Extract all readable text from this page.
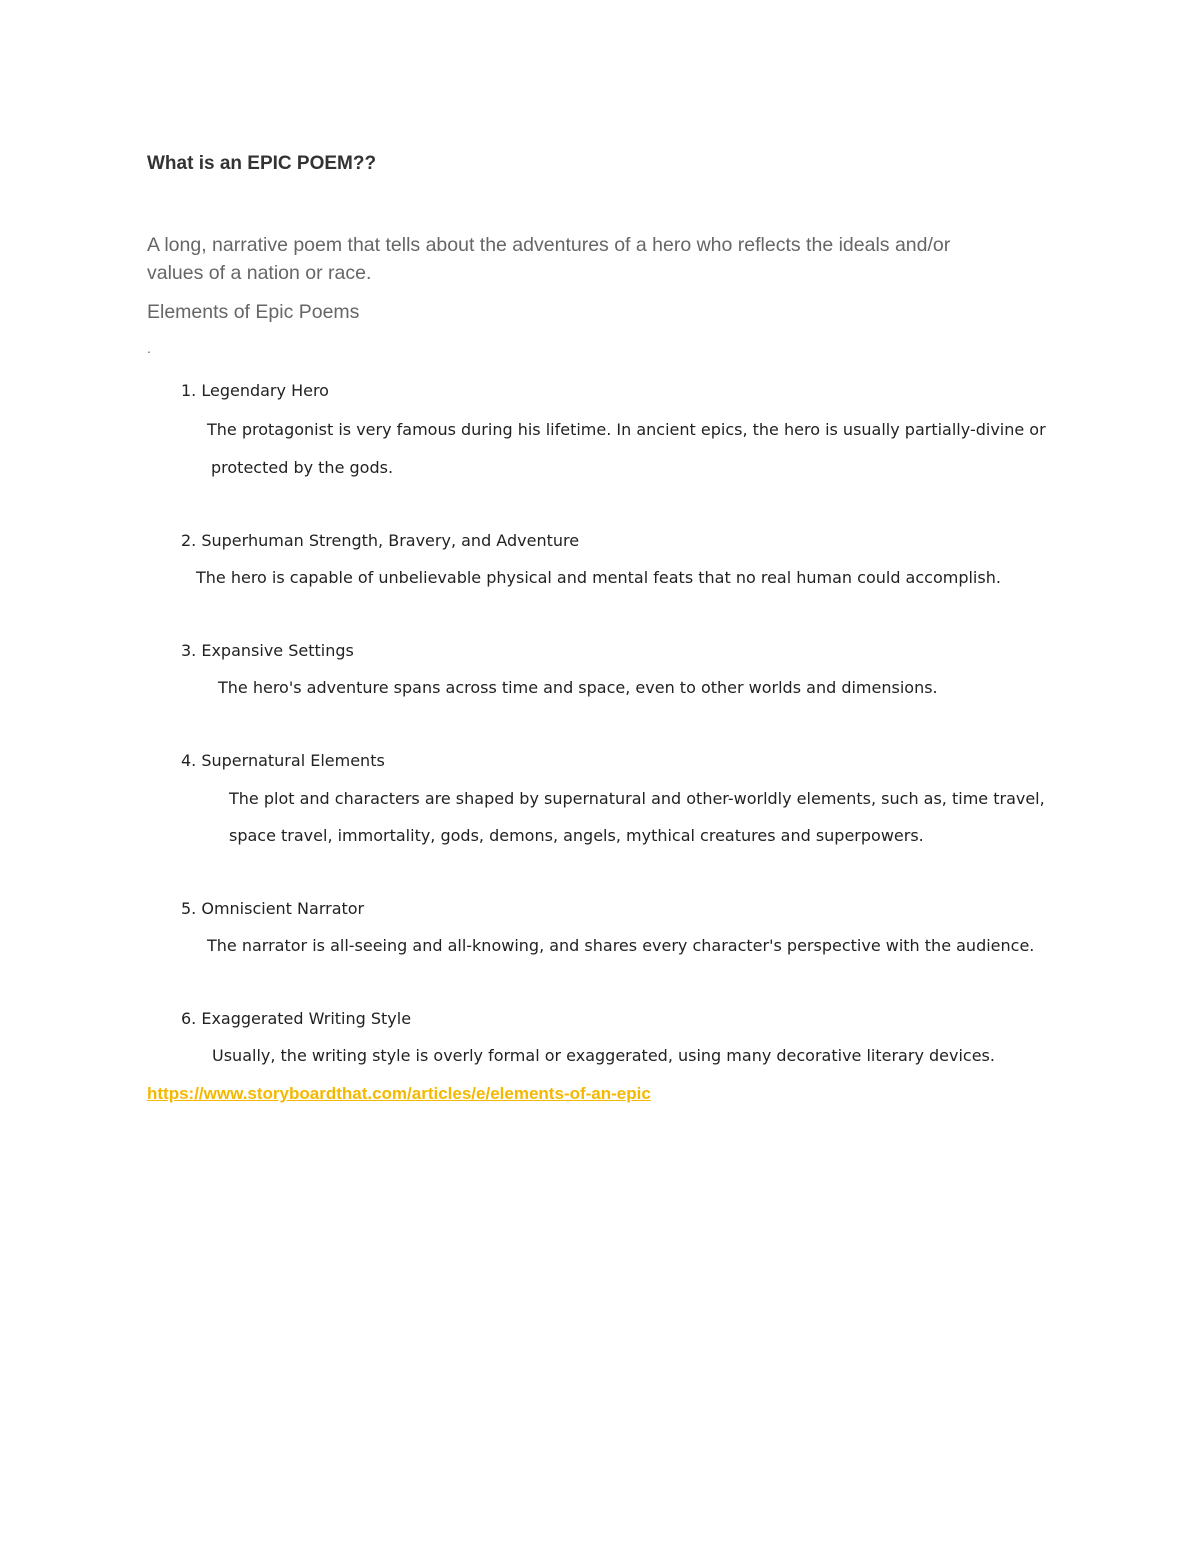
What is an EPIC POEM??

A long, narrative poem that tells about the adventures of a hero who reflects the ideals and/or

values of a nation or race.

Elements of Epic Poems

.

1. Legendary Hero

The protagonist is very famous during his lifetime. In ancient epics, the hero is usually partially-divine or

protected by the gods.

2. Superhuman Strength, Bravery, and Adventure

The hero is capable of unbelievable physical and mental feats that no real human could accomplish.

3. Expansive Settings

The hero's adventure spans across time and space, even to other worlds and dimensions.

4. Supernatural Elements

The plot and characters are shaped by supernatural and other-worldly elements, such as, time travel,

space travel, immortality, gods, demons, angels, mythical creatures and superpowers.

5. Omniscient Narrator

The narrator is all-seeing and all-knowing, and shares every character's perspective with the audience.

6. Exaggerated Writing Style

Usually, the writing style is overly formal or exaggerated, using many decorative literary devices.

https://www.storyboardthat.com/articles/e/elements-of-an-epic
